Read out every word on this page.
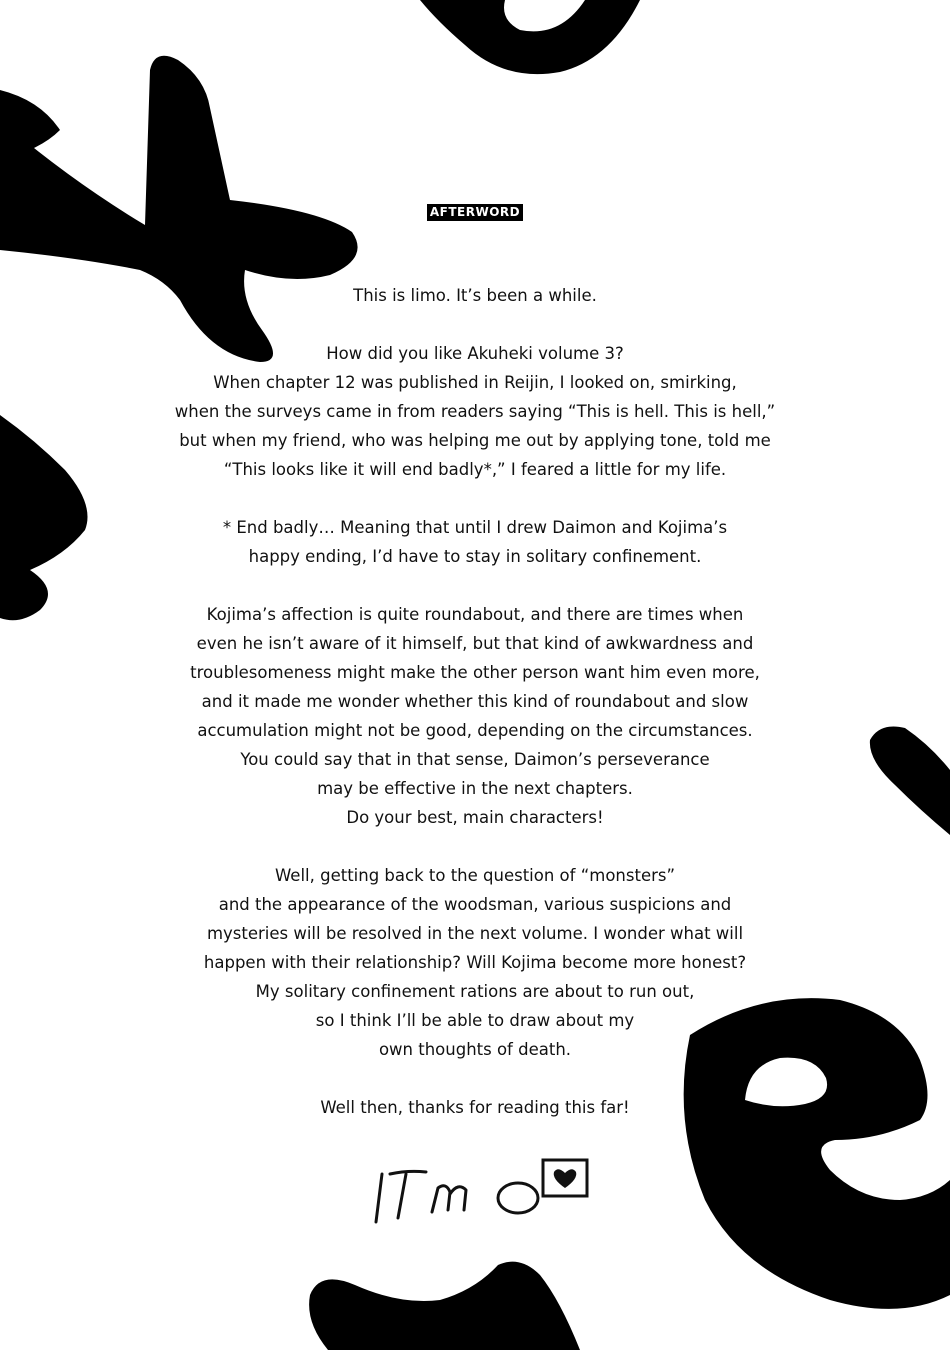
AFTERWORD
This is limo. It’s been a while.
How did you like Akuheki volume 3?
When chapter 12 was published in Reijin, I looked on, smirking,
when the surveys came in from readers saying “This is hell. This is hell,”
but when my friend, who was helping me out by applying tone, told me
“This looks like it will end badly*,” I feared a little for my life.
* End badly… Meaning that until I drew Daimon and Kojima’s
happy ending, I’d have to stay in solitary confinement.
Kojima’s affection is quite roundabout, and there are times when
even he isn’t aware of it himself, but that kind of awkwardness and
troublesomeness might make the other person want him even more,
and it made me wonder whether this kind of roundabout and slow
accumulation might not be good, depending on the circumstances.
You could say that in that sense, Daimon’s perseverance
may be effective in the next chapters.
Do your best, main characters!
Well, getting back to the question of “monsters”
and the appearance of the woodsman, various suspicions and
mysteries will be resolved in the next volume. I wonder what will
happen with their relationship? Will Kojima become more honest?
My solitary confinement rations are about to run out,
so I think I’ll be able to draw about my
own thoughts of death.
Well then, thanks for reading this far!
